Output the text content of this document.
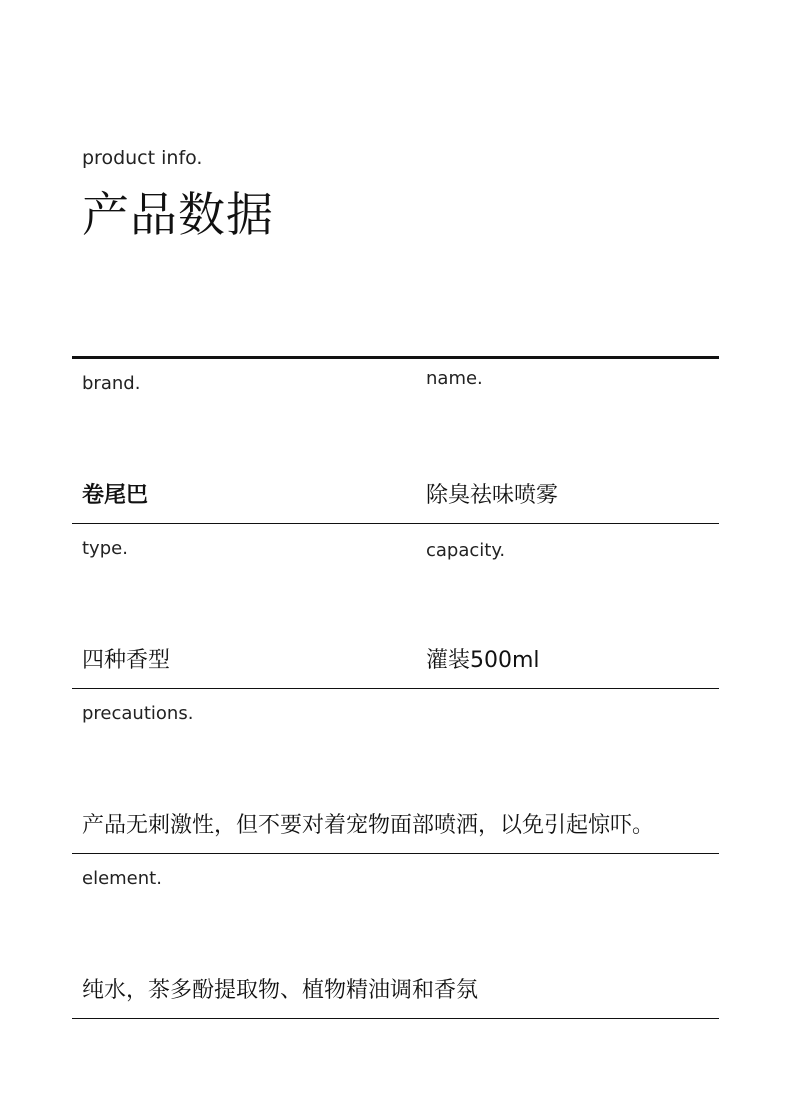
product info.
产品数据
brand.	name.
卷尾巴	除臭祛味喷雾
type.	capacity.
四种香型	灌装500ml
precautions.
产品无刺激性，但不要对着宠物面部喷洒，以免引起惊吓。
element.
纯水，茶多酚提取物、植物精油调和香氛
